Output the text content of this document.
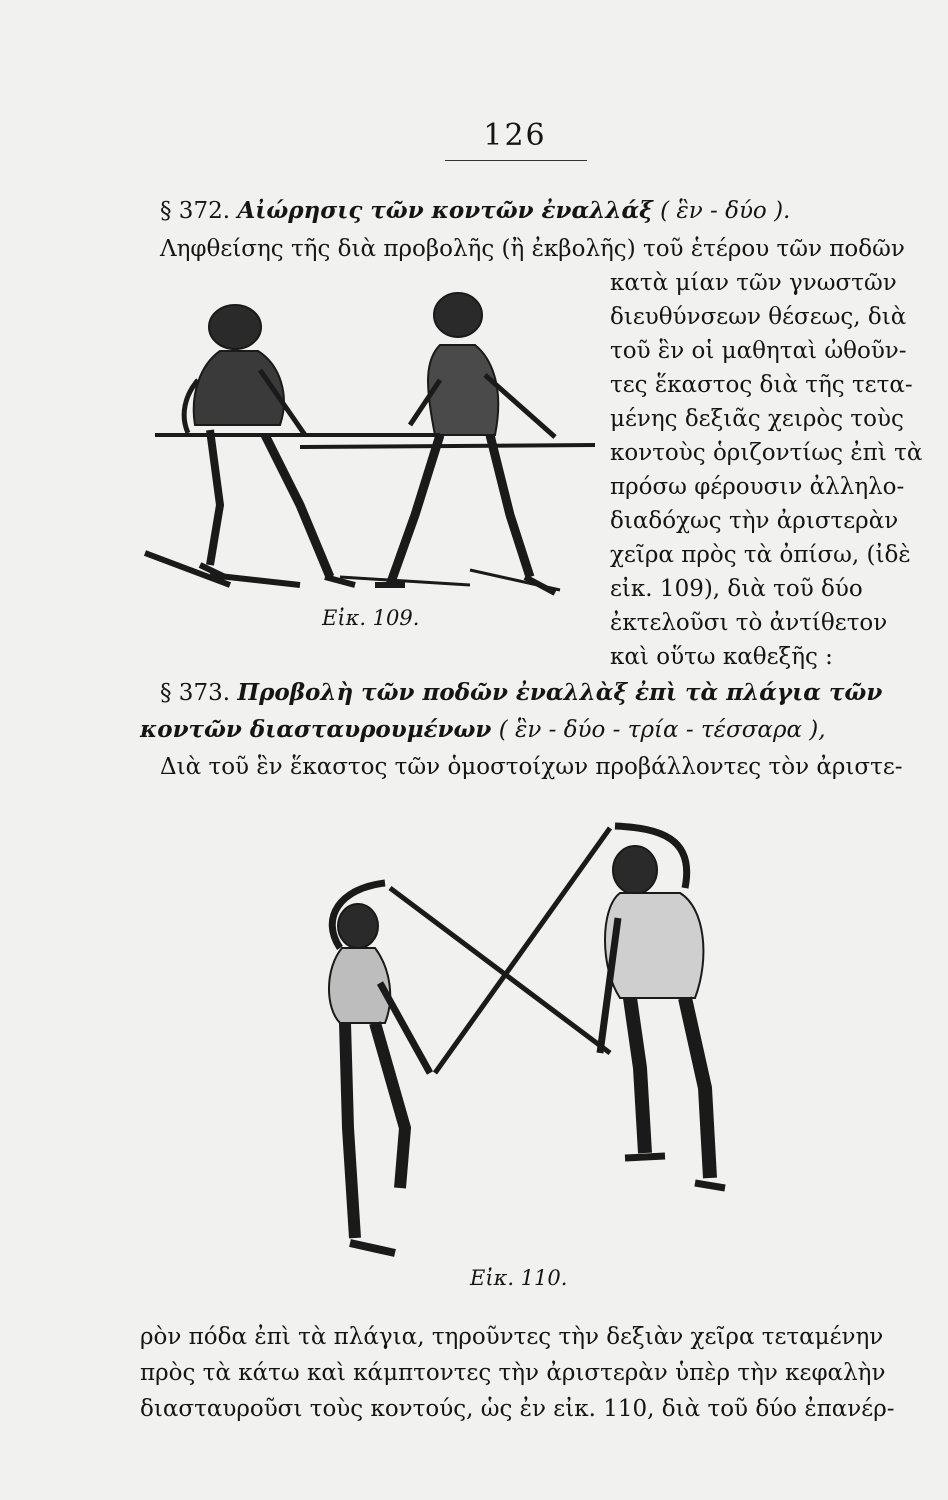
126
§ 372. Αἰώρησις τῶν κοντῶν ἐναλλάξ ( ἓν - δύο ).
Ληφθείσης τῆς διὰ προβολῆς (ἢ ἐκβολῆς) τοῦ ἑτέρου τῶν ποδῶν
κατὰ μίαν τῶν γνωστῶν
διευθύνσεων θέσεως, διὰ
τοῦ ἓν οἱ μαθηταὶ ὠθοῦν-
τες ἕκαστος διὰ τῆς τετα-
μένης δεξιᾶς χειρὸς τοὺς
κοντοὺς ὁριζοντίως ἐπὶ τὰ
πρόσω φέρουσιν ἀλληλο-
διαδόχως τὴν ἀριστερὰν
χεῖρα πρὸς τὰ ὀπίσω, (ἰδὲ
εἰκ. 109), διὰ τοῦ δύο
ἐκτελοῦσι τὸ ἀντίθετον
καὶ οὕτω καθεξῆς :
Εἰκ. 109.
§ 373. Προβολὴ τῶν ποδῶν ἐναλλὰξ ἐπὶ τὰ πλάγια τῶν
κοντῶν διασταυρουμένων ( ἓν - δύο - τρία - τέσσαρα ),
Διὰ τοῦ ἓν ἕκαστος τῶν ὁμοστοίχων προβάλλοντες τὸν ἀριστε-
Εἰκ. 110.
ρὸν πόδα ἐπὶ τὰ πλάγια, τηροῦντες τὴν δεξιὰν χεῖρα τεταμένην
πρὸς τὰ κάτω καὶ κάμπτοντες τὴν ἀριστερὰν ὑπὲρ τὴν κεφαλὴν
διασταυροῦσι τοὺς κοντούς, ὡς ἐν εἰκ. 110, διὰ τοῦ δύο ἐπανέρ-
